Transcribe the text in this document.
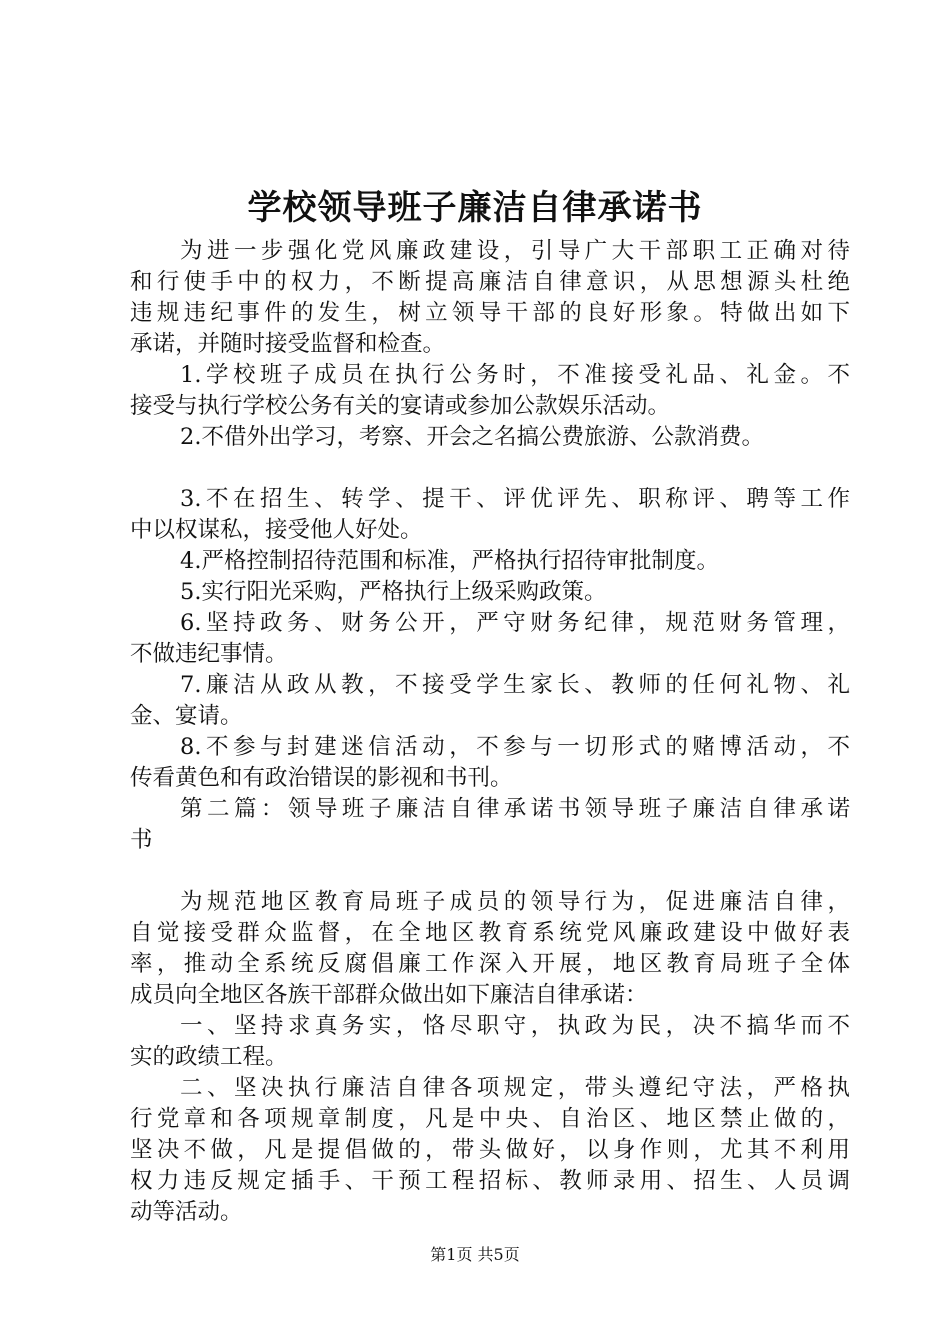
学校领导班子廉洁自律承诺书
为进一步强化党风廉政建设，引导广大干部职工正确对待
和行使手中的权力，不断提高廉洁自律意识，从思想源头杜绝
违规违纪事件的发生，树立领导干部的良好形象。特做出如下
承诺，并随时接受监督和检查。
1.学校班子成员在执行公务时，不准接受礼品、礼金。不
接受与执行学校公务有关的宴请或参加公款娱乐活动。
2.不借外出学习，考察、开会之名搞公费旅游、公款消费。
3.不在招生、转学、提干、评优评先、职称评、聘等工作
中以权谋私，接受他人好处。
4.严格控制招待范围和标准，严格执行招待审批制度。
5.实行阳光采购，严格执行上级采购政策。
6.坚持政务、财务公开，严守财务纪律，规范财务管理，
不做违纪事情。
7.廉洁从政从教，不接受学生家长、教师的任何礼物、礼
金、宴请。
8.不参与封建迷信活动，不参与一切形式的赌博活动，不
传看黄色和有政治错误的影视和书刊。
第二篇：领导班子廉洁自律承诺书领导班子廉洁自律承诺
书
为规范地区教育局班子成员的领导行为，促进廉洁自律，
自觉接受群众监督，在全地区教育系统党风廉政建设中做好表
率，推动全系统反腐倡廉工作深入开展，地区教育局班子全体
成员向全地区各族干部群众做出如下廉洁自律承诺：
一、坚持求真务实，恪尽职守，执政为民，决不搞华而不
实的政绩工程。
二、坚决执行廉洁自律各项规定，带头遵纪守法，严格执
行党章和各项规章制度，凡是中央、自治区、地区禁止做的，
坚决不做，凡是提倡做的，带头做好，以身作则，尤其不利用
权力违反规定插手、干预工程招标、教师录用、招生、人员调
动等活动。
第1页 共5页
